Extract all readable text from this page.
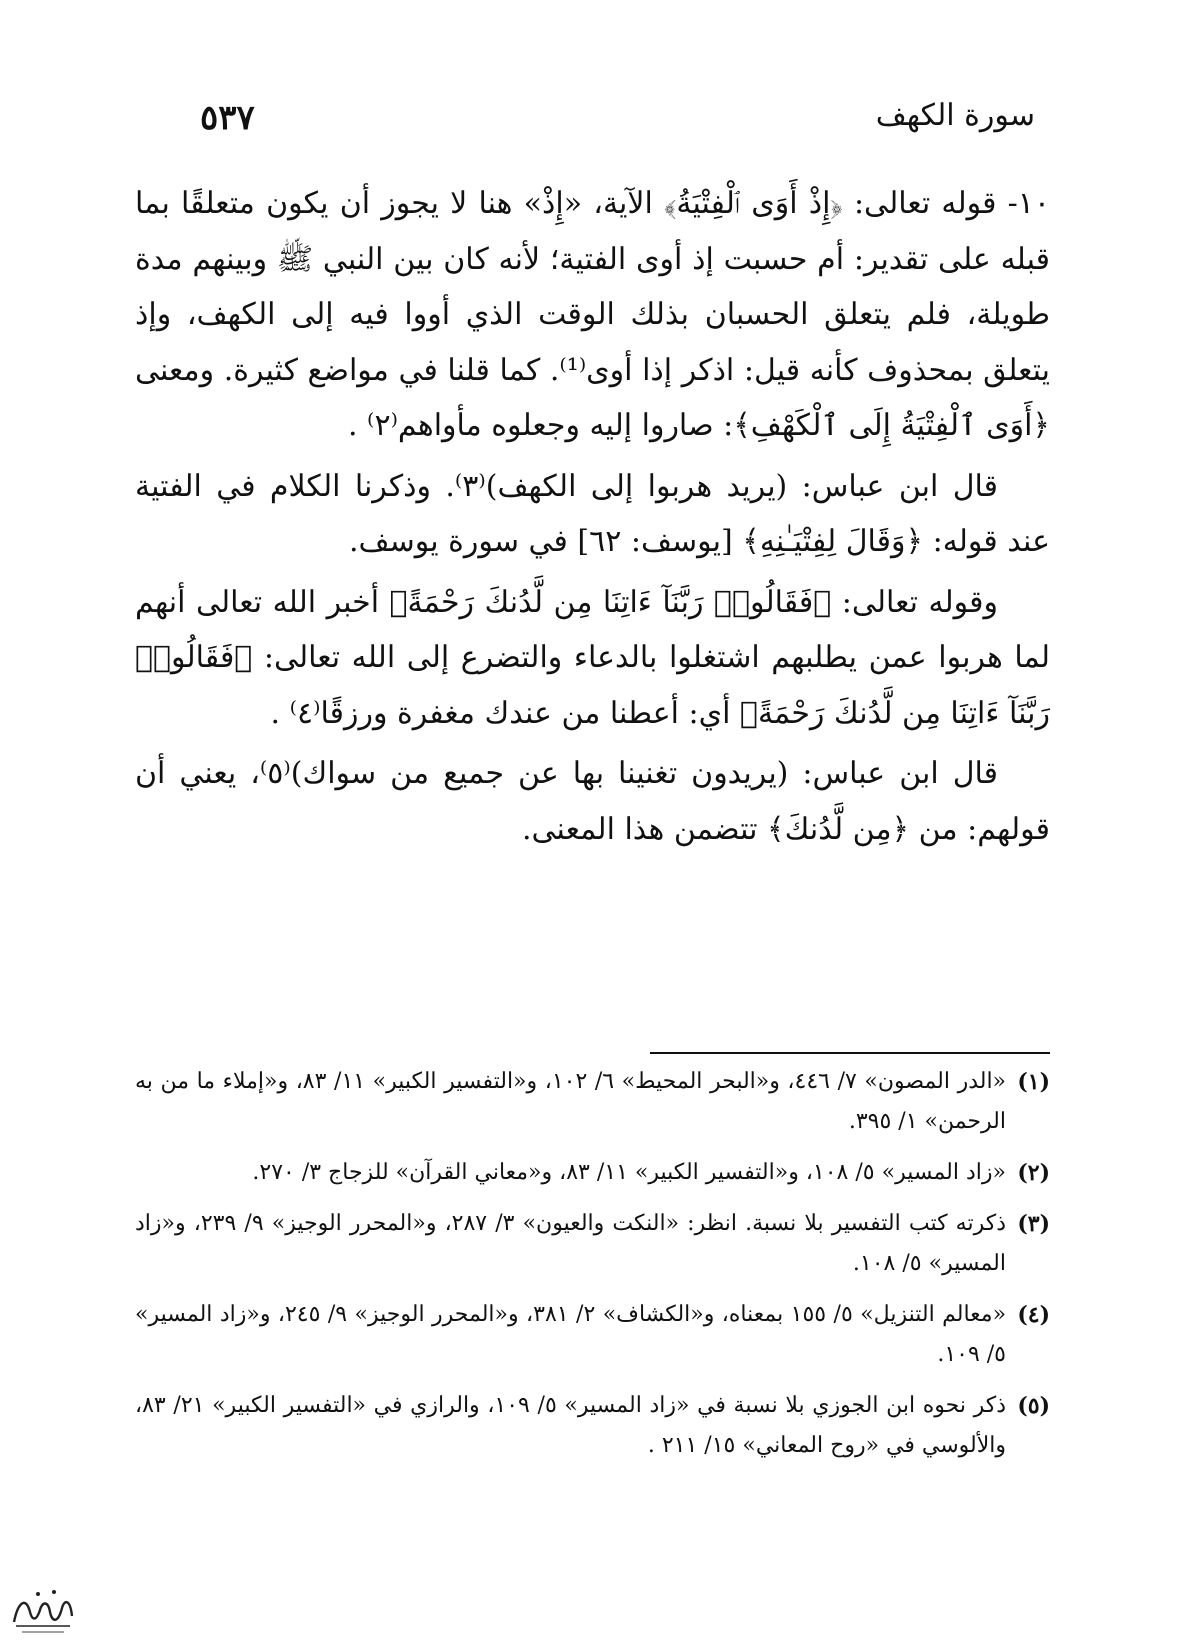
سورة الكهف
٥٣٧

١٠- قوله تعالى: ﴿إِذْ أَوَى ٱلْفِتْيَةُ﴾ الآية، «إِذْ» هنا لا يجوز أن يكون متعلقًا بما قبله على تقدير: أم حسبت إذ أوى الفتية؛ لأنه كان بين النبي ﷺ وبينهم مدة طويلة، فلم يتعلق الحسبان بذلك الوقت الذي أووا فيه إلى الكهف، وإذ يتعلق بمحذوف كأنه قيل: اذكر إذا أوى⁽¹⁾. كما قلنا في مواضع كثيرة. ومعنى ﴿أَوَى ٱلْفِتْيَةُ إِلَى ٱلْكَهْفِ﴾: صاروا إليه وجعلوه مأواهم⁽٢⁾ .

قال ابن عباس: (يريد هربوا إلى الكهف)⁽٣⁾. وذكرنا الكلام في الفتية عند قوله: ﴿وَقَالَ لِفِتْيَـٰنِهِ﴾ [يوسف: ٦٢] في سورة يوسف.

وقوله تعالى: ﴿فَقَالُوا۟ رَبَّنَآ ءَاتِنَا مِن لَّدُنكَ رَحْمَةً﴾ أخبر الله تعالى أنهم لما هربوا عمن يطلبهم اشتغلوا بالدعاء والتضرع إلى الله تعالى: ﴿فَقَالُوا۟ رَبَّنَآ ءَاتِنَا مِن لَّدُنكَ رَحْمَةً﴾ أي: أعطنا من عندك مغفرة ورزقًا⁽٤⁾ .

قال ابن عباس: (يريدون تغنينا بها عن جميع من سواك)⁽٥⁾، يعني أن قولهم: من ﴿مِن لَّدُنكَ﴾ تتضمن هذا المعنى.

(١)
«الدر المصون» ٧/ ٤٤٦، و«البحر المحيط» ٦/ ١٠٢، و«التفسير الكبير» ١١/ ٨٣، و«إملاء ما من به الرحمن» ١/ ٣٩٥.
(٢)
«زاد المسير» ٥/ ١٠٨، و«التفسير الكبير» ١١/ ٨٣، و«معاني القرآن» للزجاج ٣/ ٢٧٠.
(٣)
ذكرته كتب التفسير بلا نسبة. انظر: «النكت والعيون» ٣/ ٢٨٧، و«المحرر الوجيز» ٩/ ٢٣٩، و«زاد المسير» ٥/ ١٠٨.
(٤)
«معالم التنزيل» ٥/ ١٥٥ بمعناه، و«الكشاف» ٢/ ٣٨١، و«المحرر الوجيز» ٩/ ٢٤٥، و«زاد المسير» ٥/ ١٠٩.
(٥)
ذكر نحوه ابن الجوزي بلا نسبة في «زاد المسير» ٥/ ١٠٩، والرازي في «التفسير الكبير» ٢١/ ٨٣، والألوسي في «روح المعاني» ١٥/ ٢١١ .
